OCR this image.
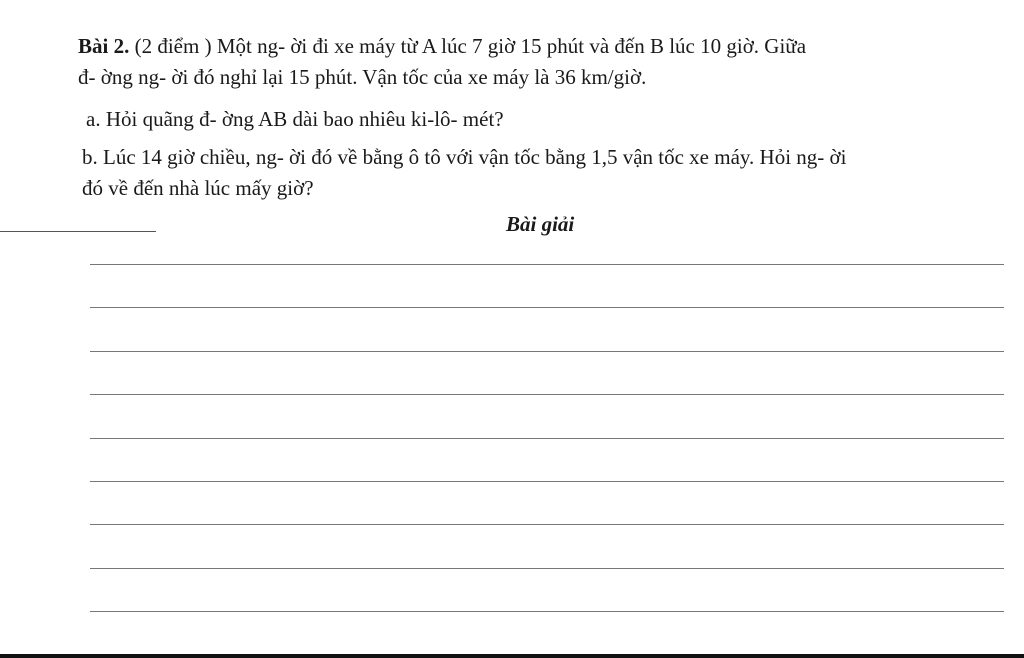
Bài 2. (2 điểm ) Một ng- ời đi xe máy từ A lúc 7 giờ 15 phút và đến B lúc 10 giờ. Giữa
đ- ờng ng- ời đó nghỉ lại 15 phút. Vận tốc của xe máy là 36 km/giờ.
a. Hỏi quãng đ- ờng AB dài bao nhiêu ki-lô- mét?
b. Lúc 14 giờ chiều, ng- ời đó về bằng ô tô với vận tốc bằng 1,5 vận tốc xe máy. Hỏi ng- ời
đó về đến nhà lúc mấy giờ?
Bài giải
